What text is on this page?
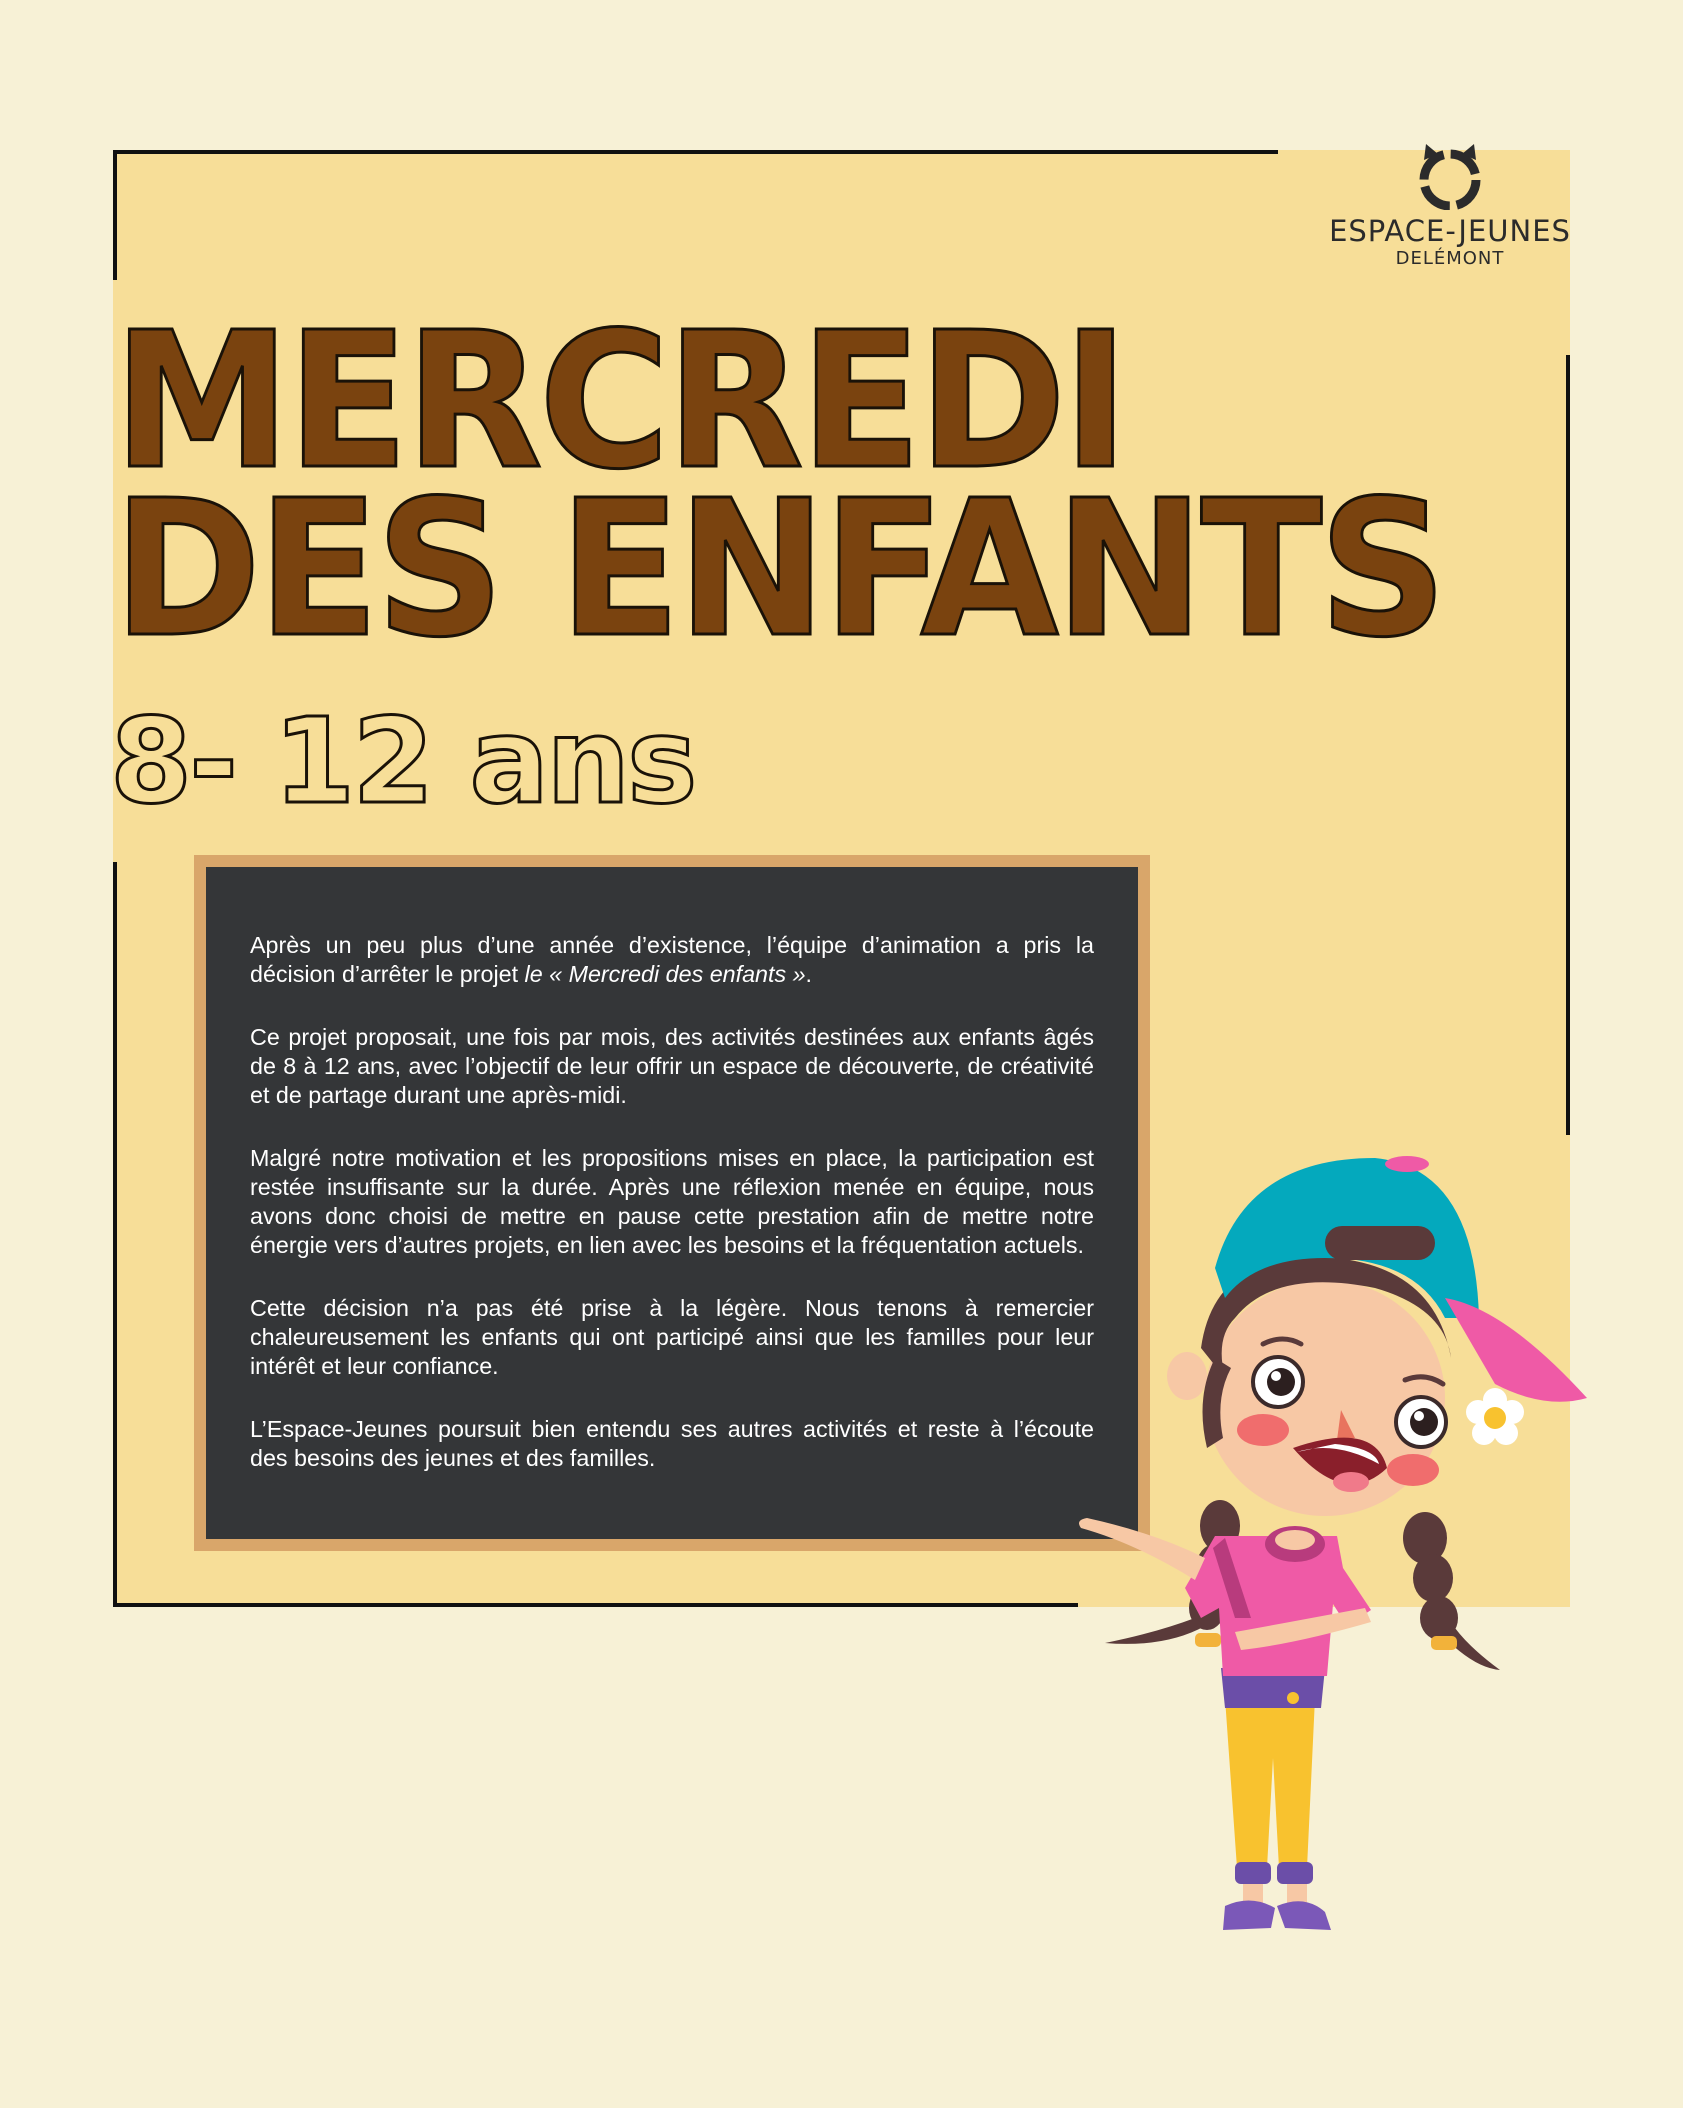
ESPACE-JEUNES
DELÉMONT
MERCREDI
DES ENFANTS
8- 12 ans

Après un peu plus d’une année d’existence, l’équipe d’animation a pris la décision d’arrêter le projet le « Mercredi des enfants ».

Ce projet proposait, une fois par mois, des activités destinées aux enfants âgés de 8 à 12 ans, avec l’objectif de leur offrir un espace de découverte, de créativité et de partage durant une après-midi.

Malgré notre motivation et les propositions mises en place, la participation est restée insuffisante sur la durée. Après une réflexion menée en équipe, nous avons donc choisi de mettre en pause cette prestation afin de mettre notre énergie vers d’autres projets, en lien avec les besoins et la fréquentation actuels.

Cette décision n’a pas été prise à la légère. Nous tenons à remercier chaleureusement les enfants qui ont participé ainsi que les familles pour leur intérêt et leur confiance.

L’Espace-Jeunes poursuit bien entendu ses autres activités et reste à l’écoute des besoins des jeunes et des familles.
